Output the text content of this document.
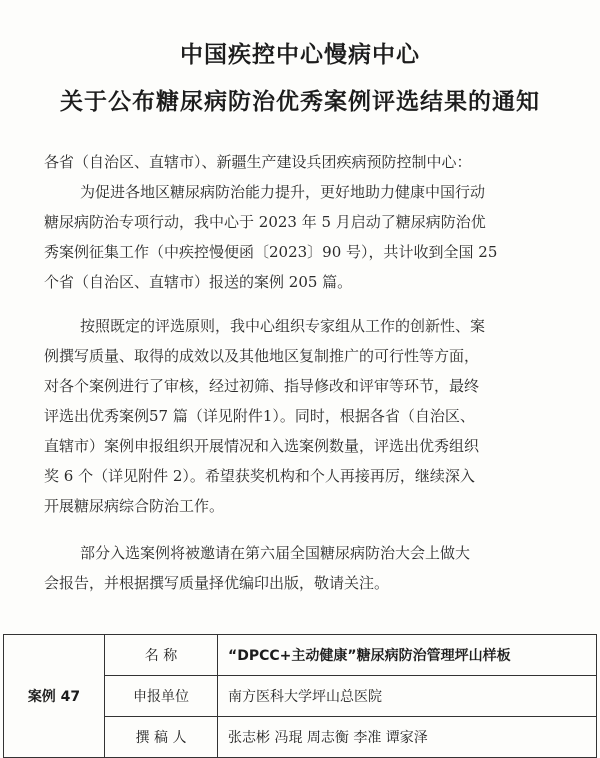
中国疾控中心慢病中心
关于公布糖尿病防治优秀案例评选结果的通知
各省（自治区、直辖市）、新疆生产建设兵团疾病预防控制中心：
为促进各地区糖尿病防治能力提升，更好地助力健康中国行动
糖尿病防治专项行动，我中心于 2023 年 5 月启动了糖尿病防治优
秀案例征集工作（中疾控慢便函〔2023〕90 号），共计收到全国 25
个省（自治区、直辖市）报送的案例 205 篇。
按照既定的评选原则，我中心组织专家组从工作的创新性、案
例撰写质量、取得的成效以及其他地区复制推广的可行性等方面，
对各个案例进行了审核，经过初筛、指导修改和评审等环节，最终
评选出优秀案例57 篇（详见附件1）。同时，根据各省（自治区、
直辖市）案例申报组织开展情况和入选案例数量，评选出优秀组织
奖 6 个（详见附件 2）。希望获奖机构和个人再接再厉，继续深入
开展糖尿病综合防治工作。
部分入选案例将被邀请在第六届全国糖尿病防治大会上做大
会报告，并根据撰写质量择优编印出版，敬请关注。
案例 47	名 称	“DPCC+主动健康”糖尿病防治管理坪山样板
	申报单位	南方医科大学坪山总医院
	撰 稿 人	张志彬 冯琨 周志衡 李准 谭家泽
